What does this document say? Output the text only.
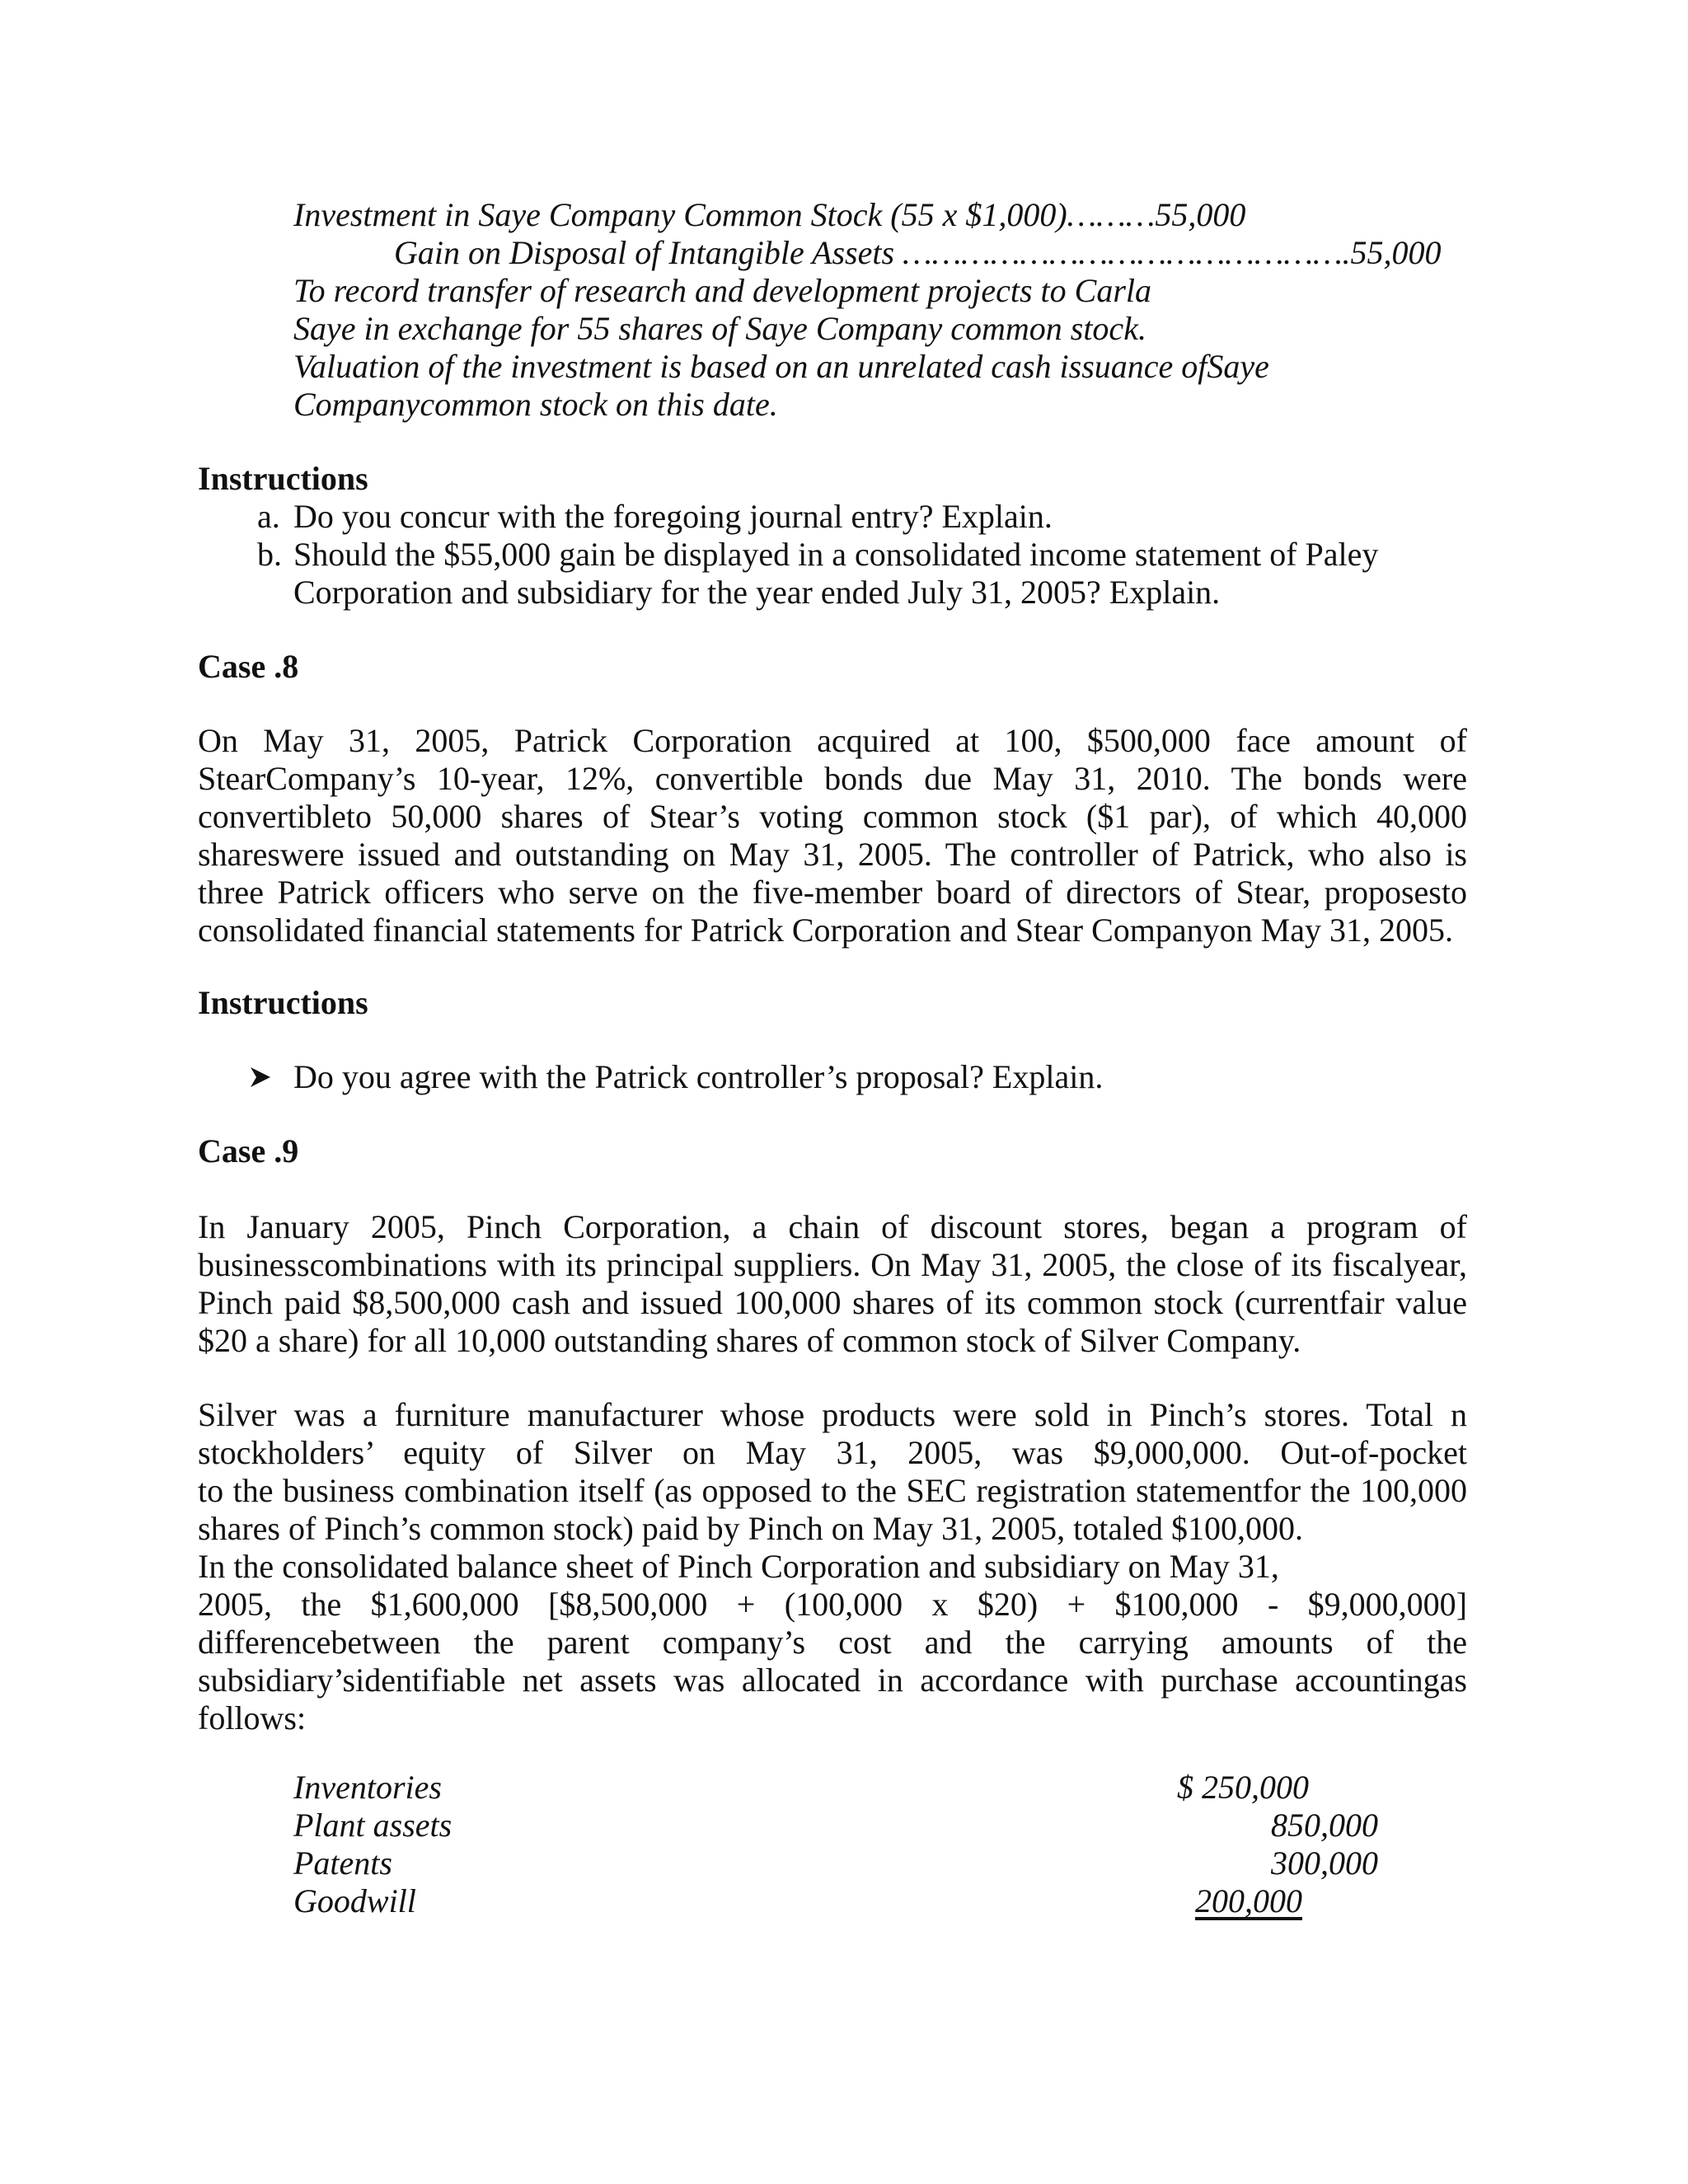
Investment in Saye Company Common Stock (55 x $1,000)………55,000
Gain on Disposal of Intangible Assets ……………………………………….55,000
To record transfer of research and development projects to Carla
Saye in exchange for 55 shares of Saye Company common stock.
Valuation of the investment is based on an unrelated cash issuance ofSaye
Companycommon stock on this date.
Instructions
a. Do you concur with the foregoing journal entry? Explain.
b. Should the $55,000 gain be displayed in a consolidated income statement of Paley
Corporation and subsidiary for the year ended July 31, 2005? Explain.
Case .8
On May 31, 2005, Patrick Corporation acquired at 100, $500,000 face amount of
StearCompany’s 10-year, 12%, convertible bonds due May 31, 2010. The bonds were
convertibleto 50,000 shares of Stear’s voting common stock ($1 par), of which 40,000
shareswere issued and outstanding on May 31, 2005. The controller of Patrick, who also is
three Patrick officers who serve on the five-member board of directors of Stear, proposesto
consolidated financial statements for Patrick Corporation and Stear Companyon May 31, 2005.
Instructions
Do you agree with the Patrick controller’s proposal? Explain.
Case .9
In January 2005, Pinch Corporation, a chain of discount stores, began a program of
businesscombinations with its principal suppliers. On May 31, 2005, the close of its fiscalyear,
Pinch paid $8,500,000 cash and issued 100,000 shares of its common stock (currentfair value
$20 a share) for all 10,000 outstanding shares of common stock of Silver Company.
Silver was a furniture manufacturer whose products were sold in Pinch’s stores. Total n
stockholders’ equity of Silver on May 31, 2005, was $9,000,000. Out-of-pocket
to the business combination itself (as opposed to the SEC registration statementfor the 100,000
shares of Pinch’s common stock) paid by Pinch on May 31, 2005, totaled $100,000.
In the consolidated balance sheet of Pinch Corporation and subsidiary on May 31,
2005, the $1,600,000 [$8,500,000 + (100,000 x $20) + $100,000 - $9,000,000]
differencebetween the parent company’s cost and the carrying amounts of the
subsidiary’sidentifiable net assets was allocated in accordance with purchase accountingas
follows:
Inventories	$ 250,000
Plant assets	850,000
Patents	300,000
Goodwill	200,000
